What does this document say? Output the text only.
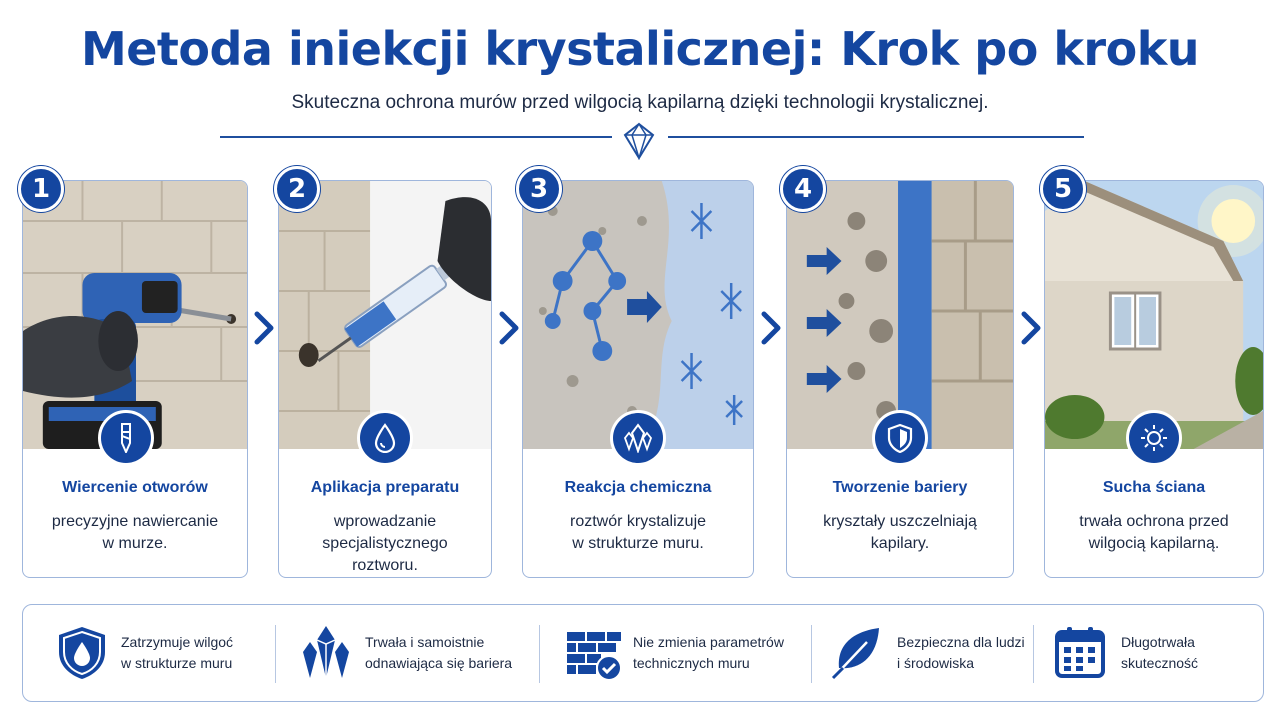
Metoda iniekcji krystalicznej: Krok po kroku
Skuteczna ochrona murów przed wilgocią kapilarną dzięki technologii krystalicznej.
Wiercenie otworów
precyzyjne nawiercanie
w murze.
Aplikacja preparatu
wprowadzanie
specjalistycznego
roztworu.
Reakcja chemiczna
roztwór krystalizuje
w strukturze muru.
Tworzenie bariery
kryształy uszczelniają
kapilary.
Sucha ściana
trwała ochrona przed
wilgocią kapilarną.
1	2	3	4	5
Zatrzymuje wilgoć
w strukturze muru
Trwała i samoistnie
odnawiająca się bariera
Nie zmienia parametrów
technicznych muru
Bezpieczna dla ludzi
i środowiska
Długotrwała
skuteczność
